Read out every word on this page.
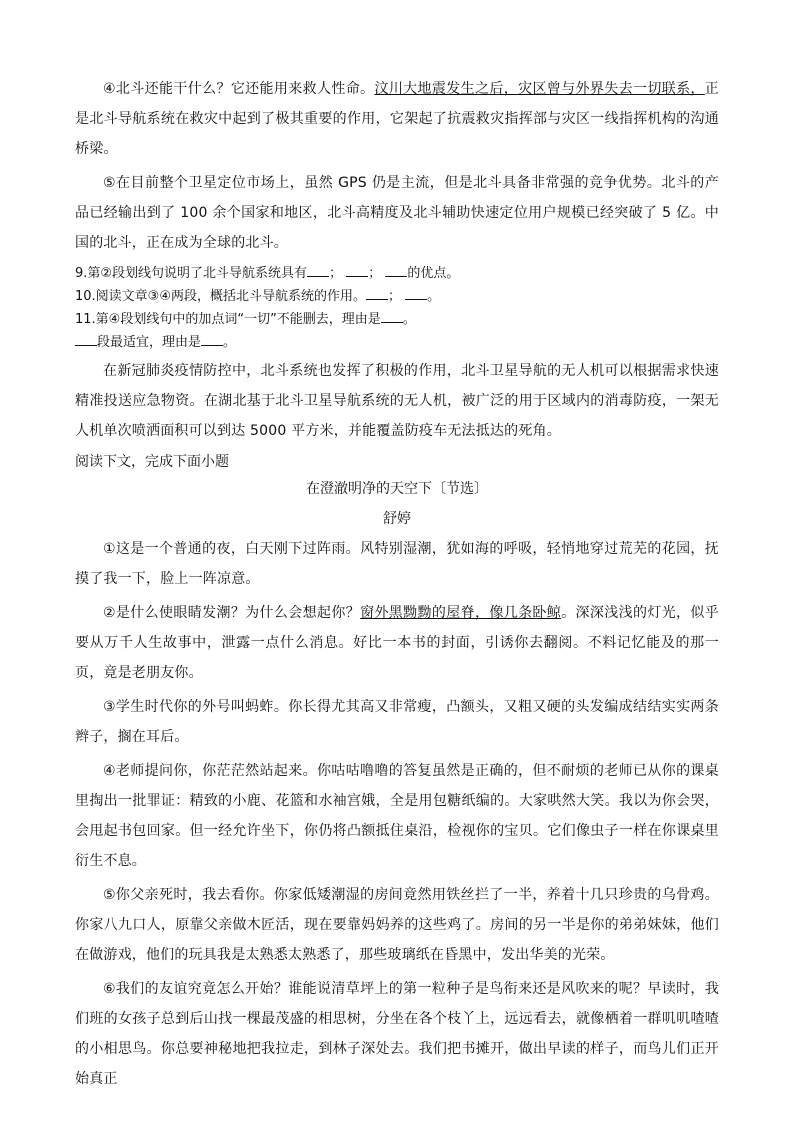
④北斗还能干什么？它还能用来救人性命。汶川大地震发生之后，灾区曾与外界失去一切联系，正是北斗导航系统在救灾中起到了极其重要的作用，它架起了抗震救灾指挥部与灾区一线指挥机构的沟通桥梁。

⑤在目前整个卫星定位市场上，虽然 GPS 仍是主流，但是北斗具备非常强的竞争优势。北斗的产品已经输出到了 100 余个国家和地区，北斗高精度及北斗辅助快速定位用户规模已经突破了 5 亿。中国的北斗，正在成为全球的北斗。

9.第②段划线句说明了北斗导航系统具有 ； ； 的优点。

10.阅读文章③④两段，概括北斗导航系统的作用。 ； 。

11.第④段划线句中的加点词“一切”不能删去，理由是 。

段最适宜，理由是 。

在新冠肺炎疫情防控中，北斗系统也发挥了积极的作用，北斗卫星导航的无人机可以根据需求快速精准投送应急物资。在湖北基于北斗卫星导航系统的无人机，被广泛的用于区域内的消毒防疫，一架无人机单次喷洒面积可以到达 5000 平方米，并能覆盖防疫车无法抵达的死角。

阅读下文，完成下面小题

在澄澈明净的天空下〔节选〕

舒婷

①这是一个普通的夜，白天刚下过阵雨。风特别湿潮，犹如海的呼吸，轻悄地穿过荒芜的花园，抚摸了我一下，脸上一阵凉意。

②是什么使眼睛发潮？为什么会想起你？窗外黑黝黝的屋脊，像几条卧鲸。深深浅浅的灯光，似乎要从万千人生故事中，泄露一点什么消息。好比一本书的封面，引诱你去翻阅。不料记忆能及的那一页，竟是老朋友你。

③学生时代你的外号叫蚂蚱。你长得尤其高又非常瘦，凸额头，又粗又硬的头发编成结结实实两条辫子，搁在耳后。

④老师提问你，你茫茫然站起来。你咕咕噜噜的答复虽然是正确的，但不耐烦的老师已从你的课桌里掏出一批罪证：精致的小鹿、花篮和水袖宫娥，全是用包糖纸编的。大家哄然大笑。我以为你会哭，会甩起书包回家。但一经允许坐下，你仍将凸额抵住桌沿，检视你的宝贝。它们像虫子一样在你课桌里衍生不息。

⑤你父亲死时，我去看你。你家低矮潮湿的房间竟然用铁丝拦了一半，养着十几只珍贵的乌骨鸡。你家八九口人，原靠父亲做木匠活，现在要靠妈妈养的这些鸡了。房间的另一半是你的弟弟妹妹，他们在做游戏，他们的玩具我是太熟悉太熟悉了，那些玻璃纸在昏黑中，发出华美的光荣。

⑥我们的友谊究竟怎么开始？谁能说清草坪上的第一粒种子是鸟衔来还是风吹来的呢？早读时，我们班的女孩子总到后山找一棵最茂盛的相思树，分坐在各个枝丫上，远远看去，就像栖着一群叽叽喳喳的小相思鸟。你总要神秘地把我拉走，到林子深处去。我们把书摊开，做出早读的样子，而鸟儿们正开始真正
